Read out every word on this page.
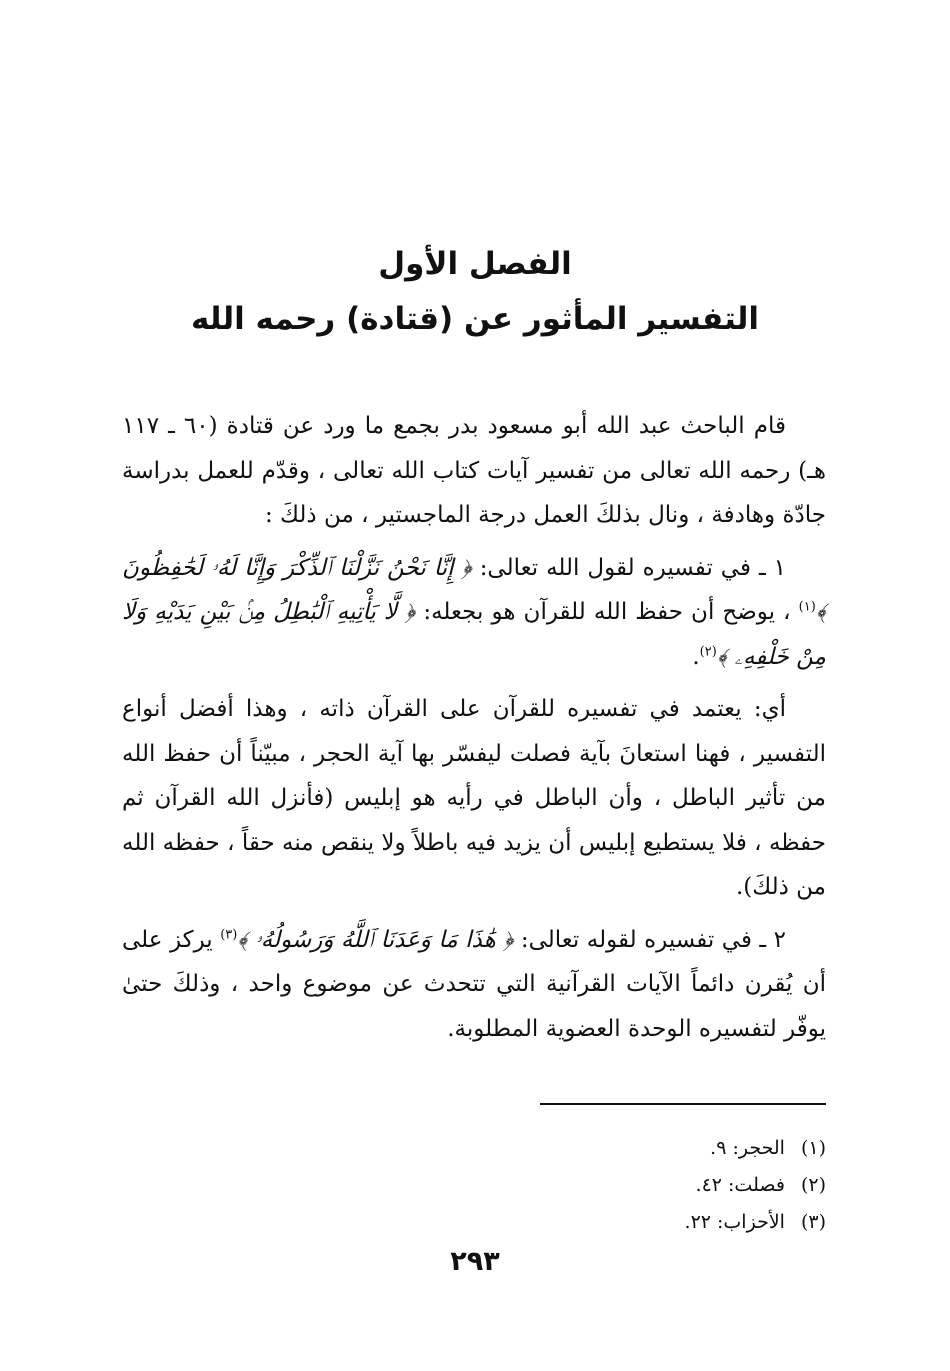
الفصل الأول
التفسير المأثور عن (قتادة) رحمه الله

قام الباحث عبد الله أبو مسعود بدر بجمع ما ورد عن قتادة (٦٠ ـ ١١٧ هـ) رحمه الله تعالى من تفسير آيات كتاب الله تعالى ، وقدّم للعمل بدراسة جادّة وهادفة ، ونال بذلكَ العمل درجة الماجستير ، من ذلكَ :

١ ـ في تفسيره لقول الله تعالى: ﴿ إِنَّا نَحْنُ نَزَّلْنَا ٱلذِّكْرَ وَإِنَّا لَهُۥ لَحَٰفِظُونَ ﴾$^{(١)}$ ، يوضح أن حفظ الله للقرآن هو بجعله: ﴿ لَّا يَأْتِيهِ ٱلْبَٰطِلُ مِنۢ بَيْنِ يَدَيْهِ وَلَا مِنْ خَلْفِهِۦ ﴾$^{(٢)}$.

أي: يعتمد في تفسيره للقرآن على القرآن ذاته ، وهذا أفضل أنواع التفسير ، فهنا استعانَ بآية فصلت ليفسّر بها آية الحجر ، مبيّناً أن حفظ الله من تأثير الباطل ، وأن الباطل في رأيه هو إبليس (فأنزل الله القرآن ثم حفظه ، فلا يستطيع إبليس أن يزيد فيه باطلاً ولا ينقص منه حقاً ، حفظه الله من ذلكَ).

٢ ـ في تفسيره لقوله تعالى: ﴿ هَٰذَا مَا وَعَدَنَا ٱللَّهُ وَرَسُولُهُۥ ﴾$^{(٣)}$ يركز على أن يُقرن دائماً الآيات القرآنية التي تتحدث عن موضوع واحد ، وذلكَ حتىٰ يوفّر لتفسيره الوحدة العضوية المطلوبة.

(١)الحجر: ٩.

(٢)فصلت: ٤٢.

(٣)الأحزاب: ٢٢.

٢٩٣
